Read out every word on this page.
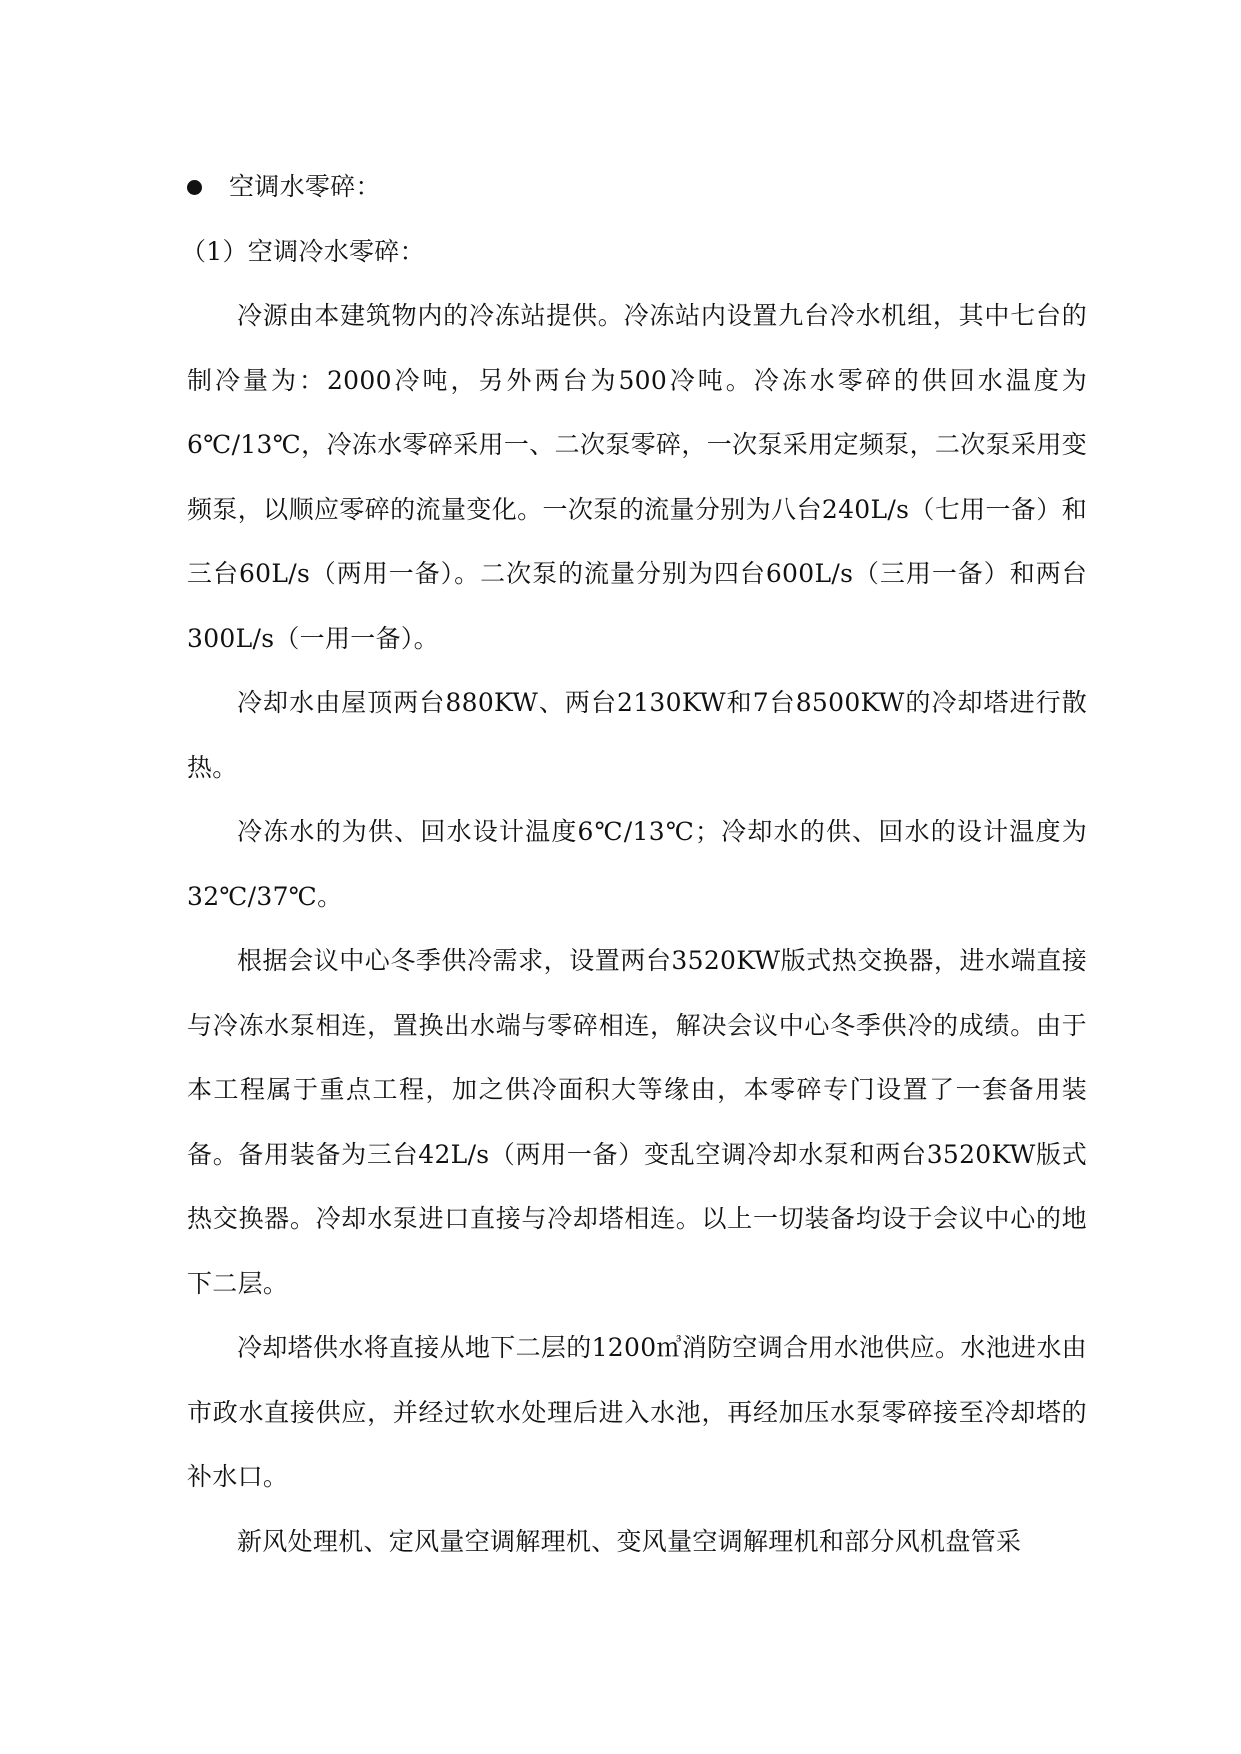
空调水零碎：
（1）空调冷水零碎：

冷源由本建筑物内的冷冻站提供。冷冻站内设置九台冷水机组，其中七台的制冷量为：2000冷吨，另外两台为500冷吨。冷冻水零碎的供回水温度为6℃/13℃，冷冻水零碎采用一、二次泵零碎，一次泵采用定频泵，二次泵采用变频泵，以顺应零碎的流量变化。一次泵的流量分别为八台240L/s（七用一备）和三台60L/s（两用一备）。二次泵的流量分别为四台600L/s（三用一备）和两台300L/s（一用一备）。

冷却水由屋顶两台880KW、两台2130KW和7台8500KW的冷却塔进行散热。

冷冻水的为供、回水设计温度6℃/13℃；冷却水的供、回水的设计温度为32℃/37℃。

根据会议中心冬季供冷需求，设置两台3520KW版式热交换器，进水端直接与冷冻水泵相连，置换出水端与零碎相连，解决会议中心冬季供冷的成绩。由于本工程属于重点工程，加之供冷面积大等缘由，本零碎专门设置了一套备用装备。备用装备为三台42L/s（两用一备）变乱空调冷却水泵和两台3520KW版式热交换器。冷却水泵进口直接与冷却塔相连。以上一切装备均设于会议中心的地下二层。

冷却塔供水将直接从地下二层的1200㎥消防空调合用水池供应。水池进水由市政水直接供应，并经过软水处理后进入水池，再经加压水泵零碎接至冷却塔的补水口。

新风处理机、定风量空调解理机、变风量空调解理机和部分风机盘管采
